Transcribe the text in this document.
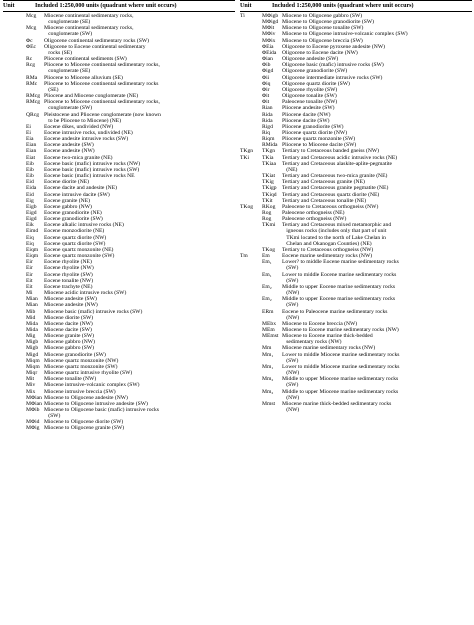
Unit	Included 1:250,000 units (quadrant where unit occurs)
Mcg	Miocene continental sedimentary rocks,
conglomerate (SE)
Mcg	Miocene continental sedimentary rocks,
conglomerate (SW)
Φc	Oligocene continental sedimentary rocks (SW)
ΦEc	Oligocene to Eocene continental sedimentary
rocks (SE)
Rc	Pliocene continental sediments (SW)
Rcg	Pliocene to Miocene continental sedimentary rocks,
conglomerate (SE)
RMa	Pliocene to Miocene alluvium (SE)
RMc	Pliocene to Miocene continental sedimentary rocks
(SE)
RMcg Pliocene and Miocene conglomerate (NE)
RMcg Pliocene to Miocene continental sedimentary rocks,
conglomerate (SW)
QRcg Pleistocene and Pliocene conglomerate (now known
to be Pliocene to Miocene) (NE)
Ei	Eocene dikes, undivided (NW)
Ei	Eocene intrusive rocks, undivided (NE)
Eia	Eocene andesite intrusive rocks (SW)
Eian	Eocene andesite (SW)
Eian	Eocene andesite (NW)
Eiat	Eocene two-mica granite (NE)
Eib	Eocene basic (mafic) intrusive rocks (NW)
Eib	Eocene basic (mafic) intrusive rocks (SW)
Eib	Eocene basic (mafic) intrusive rocks NE
Eid	Eocene diorite (NE)
Eida	Eocene dacite and andesite (NE)
Eid	Eocene intrusive dacite (SW)
Eig	Eocene granite (NE)
Eigb	Eocene gabbro (NW)
Eigd	Eocene granodiorite (NE)
Eigd	Eocene granodiorite (SW)
Eik	Eocene alkalic intrusive rocks (NE)
Eimd	Eocene monzodiorite (NE)
Eiq	Eocene quartz diorite (NW)
Eiq	Eocene quartz diorite (SW)
Eiqm	Eocene quartz monzonite (NE)
Eiqm	Eocene quartz monzonite (SW)
Eir	Eocene rhyolite (NE)
Eir	Eocene rhyolite (NW)
Eir	Eocene rhyolite (SW)
Eit	Eocene tonalite (NW)
Eit	Eocene trachyte (NE)
Mi	Miocene acidic intrusive rocks (SW)
Mian	Miocene andesite (SW)
Mian	Miocene andesite (NW)
Mib	Miocene basic (mafic) intrusive rocks (SW)
Mid	Miocene diorite (SW)
Mida	Miocene dacite (NW)
Mida	Miocene dacite (SW)
Mig	Miocene granite (SW)
Migb	Miocene gabbro (NW)
Migb	Miocene gabbro (SW)
Migd	Miocene granodiorite (SW)
Miqm Miocene quartz monzonite (NW)
Miqm Miocene quartz monzonite (SW)
Miqr	Miocene quartz intrusive rhyolite (SW)
Mit	Miocene tonalite (NW)
Miv	Miocene intrusive-volcanic complex (SW)
Mix	Miocene intrusive breccia (SW)
MΦian Miocene to Oligocene andesite (NW)
MΦian Miocene to Oligocene intrusive andesite (SW)
MΦib Miocene to Oligocene basic (mafic) intrusive rocks
(SW)
MΦid Miocene to Oligocene diorite (SW)
MΦig Miocene to Oligocene granite (SW)
Unit	Included 1:250,000 units (quadrant where unit occurs)
Ti	MΦigb Miocene to Oligocene gabbro (SW)
MΦigd Miocene to Oligocene granodiorite (SW)
MΦit	Miocene to Oligocene tonalite (SW)
MΦiv	Miocene to Oligocene intrusive-volcanic complex (SW)
MΦix	Miocene to Oligocene breccia (SW)
ΦEia	Oligocene to Eocene pyroxene andesite (NW)
ΦEida	Oligocene to Eocene dacite (NW)
Φian	Oligocene andesite (SW)
Φib	Oligocene basic (mafic) intrusive rocks (SW)
Φigd	Oligocene granodiorite (SW)
Φii	Oligocene intermediate intrusive rocks (SW)
Φiq	Oligocene quartz diorite (SW)
Φir	Oligocene rhyolite (SW)
Φit	Oligocene tonalite (SW)
Φit	Paleocene tonalite (NW)
Rian	Pliocene andesite (SW)
Rida	Pliocene dacite (NW)
Rida	Pliocene dacite (SW)
Rigd	Pliocene granodiorite (SW)
Riq	Pliocene quartz diorite (NW)
Riqm	Pliocene quartz monzonite (SW)
RMida Pliocene to Miocene dacite (SW)
TKgn	TKgn	Tertiary to Cretaceous banded gneiss (NW)
TKi	TKia	Tertiary and Cretaceous acidic intrusive rocks (NE)
TKiaa	Tertiary and Cretaceous alaskite-aplite-pegmatite
(NE)
TKiat	Tertiary and Cretaceous two-mica granite (NE)
TKig	Tertiary and Cretaceous granite (NE)
TKigp Tertiary and Cretaceous granite pegmatite (NE)
TKiqd Tertiary and Cretaceous quartz diorite (NE)
TKit	Tertiary and Cretaceous tonalite (NE)
TKog	RKog	Paleocene to Cretaceous orthogneiss (NW)
Rog	Paleocene orthogneiss (NE)
Rog	Paleocene orthogneiss (NW)
TKmi	Tertiary and Cretaceous mixed metamorphic and
igneous rocks (includes only that part of unit
TKmi located to the north of Lake Chelan in
Chelan and Okanogan Counties) (NE)
TKog	Tertiary to Cretaceous orthogneiss (NW)
Tm	Em	Eocene marine sedimentary rocks (NW)
Em₁	Lower? to middle Eocene marine sedimentary rocks
(SW)
Em₁	Lower to middle Eocene marine sedimentary rocks
(SW)
Em₂	Middle to upper Eocene marine sedimentary rocks
(NW)
Em₂	Middle to upper Eocene marine sedimentary rocks
(SW)
ERm	Eocene to Paleocene marine sedimentary rocks
(NW)
MEbx	Miocene to Eocene breccia (NW)
MEm	Miocene to Eocene marine sedimentary rocks (NW)
MEmst Miocene to Eocene marine thick-bedded
sedimentary rocks (NW)
Mm	Miocene marine sedimentary rocks (NW)
Mm₁	Lower to middle Miocene marine sedimentary rocks
(SW)
Mm₁	Lower to middle Miocene marine sedimentary rocks
(NW)
Mm₂	Middle to upper Miocene marine sedimentary rocks
(SW)
Mm₂	Middle to upper Miocene marine sedimentary rocks
(NW)
Mmst	Miocene marine thick-bedded sedimentary rocks
(NW)
